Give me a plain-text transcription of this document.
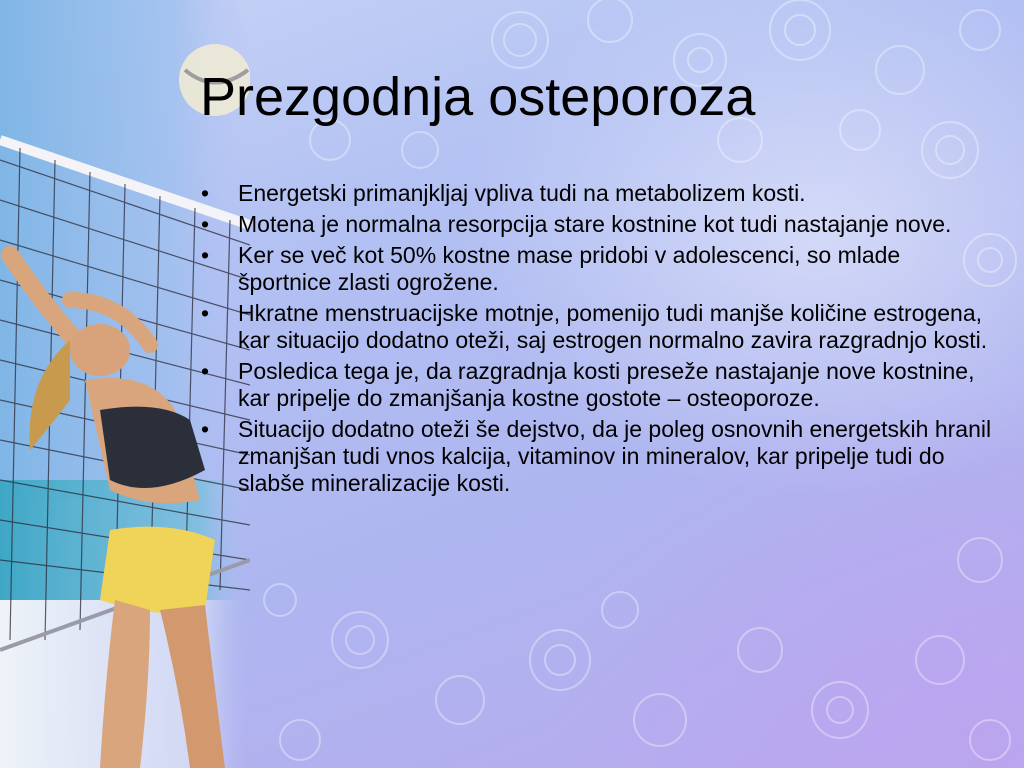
Prezgodnja osteporoza
• Energetski primanjkljaj vpliva tudi na metabolizem kosti.
• Motena je normalna resorpcija stare kostnine kot tudi nastajanje nove.
• Ker se več kot 50% kostne mase pridobi v adolescenci, so mlade športnice zlasti ogrožene.
• Hkratne menstruacijske motnje, pomenijo tudi manjše količine estrogena, kar situacijo dodatno oteži, saj estrogen normalno zavira razgradnjo kosti.
• Posledica tega je, da razgradnja kosti preseže nastajanje nove kostnine, kar pripelje do zmanjšanja kostne gostote – osteoporoze.
• Situacijo dodatno oteži še dejstvo, da je poleg osnovnih energetskih hranil zmanjšan tudi vnos kalcija, vitaminov in mineralov, kar pripelje tudi do slabše mineralizacije kosti.
